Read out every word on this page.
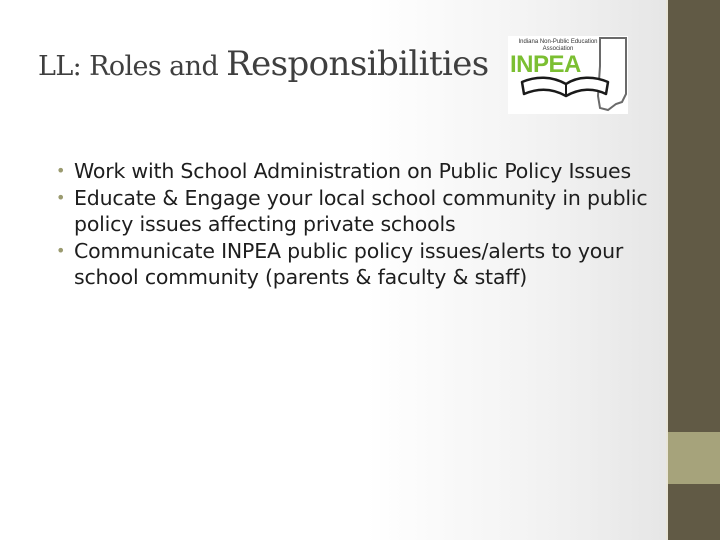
LL: Roles and Responsibilities
Indiana Non-Public Education Association
INPEA
• Work with School Administration on Public Policy Issues
• Educate & Engage your local school community in public policy issues affecting private schools
• Communicate INPEA public policy issues/alerts to your school community (parents & faculty & staff)
